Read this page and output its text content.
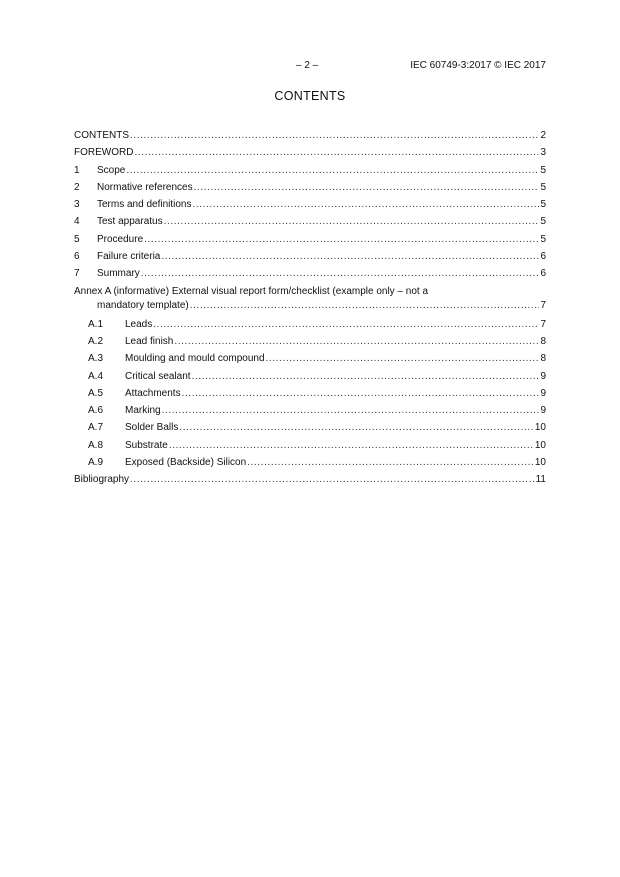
– 2 –	IEC 60749-3:2017 © IEC 2017
CONTENTS
CONTENTS .....	2
FOREWORD .....	3
1	Scope .....	5
2	Normative references .....	5
3	Terms and definitions .....	5
4	Test apparatus .....	5
5	Procedure .....	5
6	Failure criteria .....	6
7	Summary .....	6
Annex A (informative) External visual report form/checklist (example only – not a
mandatory template) .....	7
A.1	Leads .....	7
A.2	Lead finish .....	8
A.3	Moulding and mould compound .....	8
A.4	Critical sealant .....	9
A.5	Attachments .....	9
A.6	Marking .....	9
A.7	Solder Balls .....	10
A.8	Substrate .....	10
A.9	Exposed (Backside) Silicon .....	10
Bibliography .....	11
